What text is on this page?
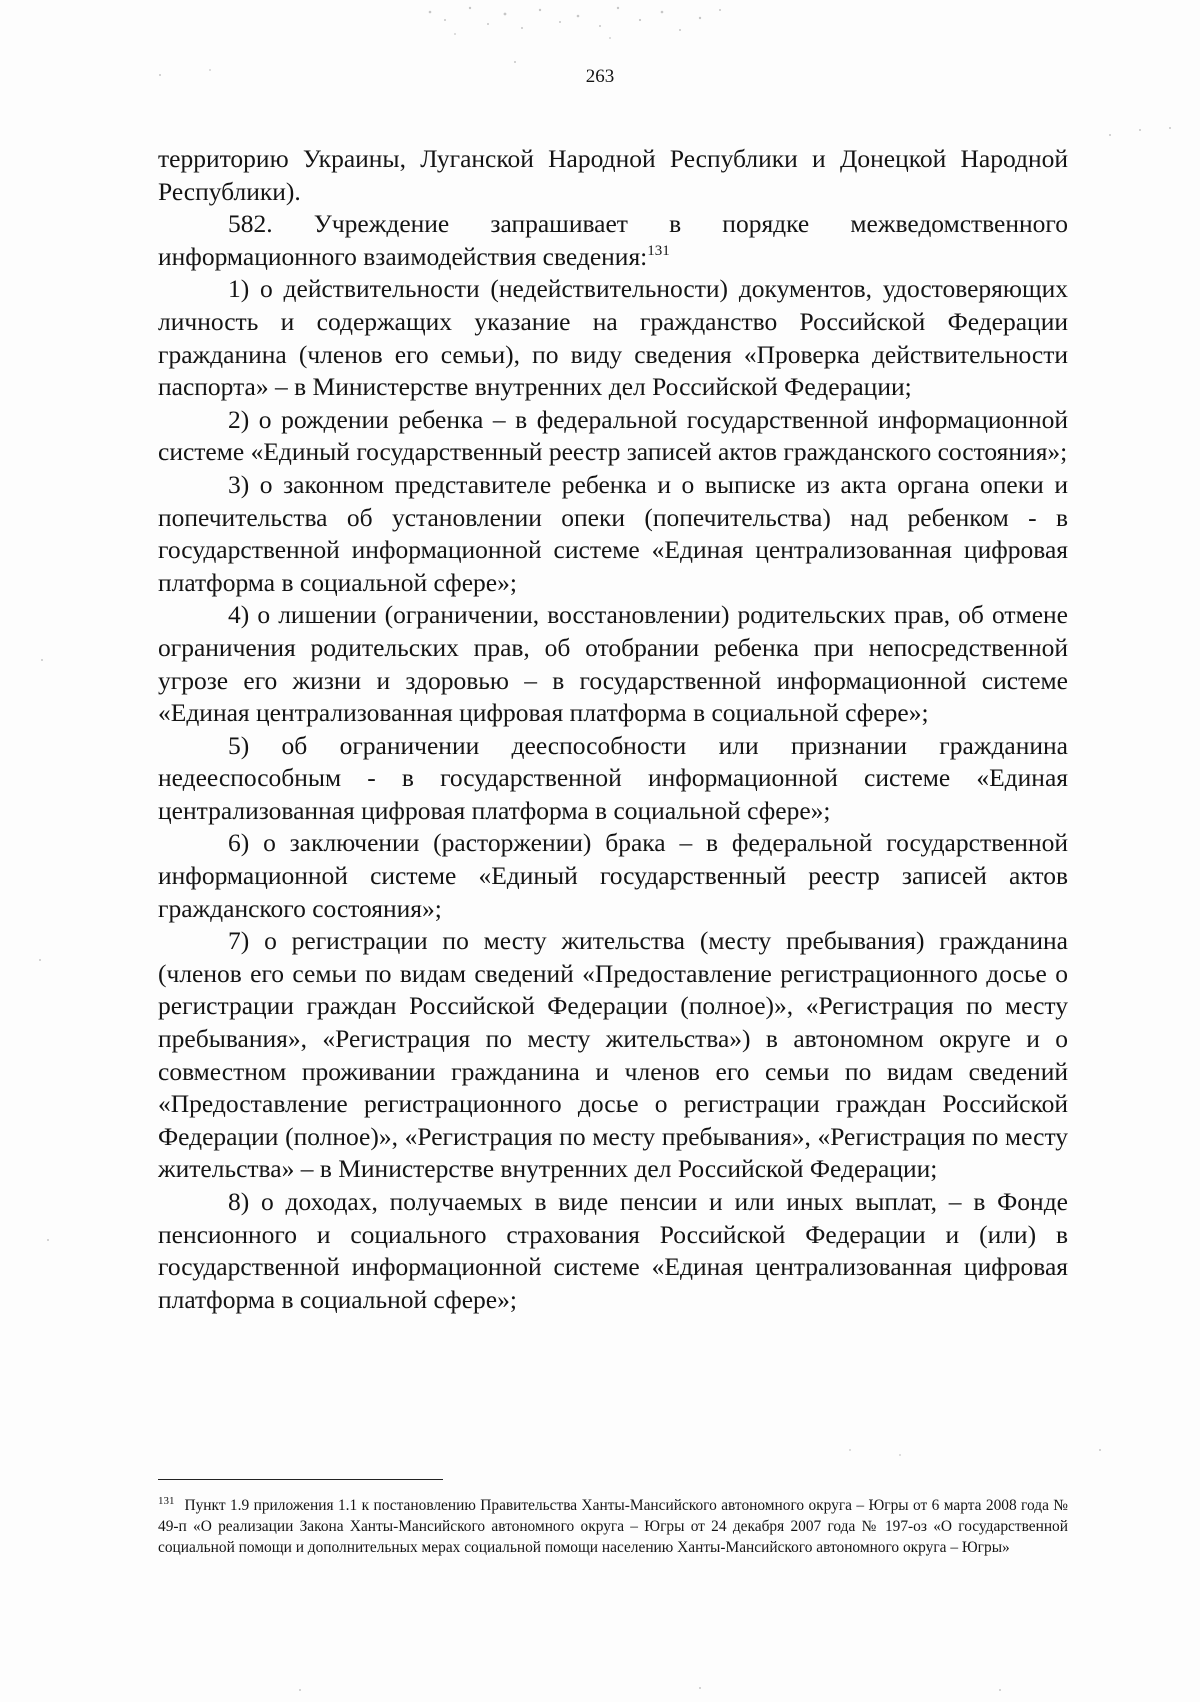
263

территорию Украины, Луганской Народной Республики и Донецкой Народной Республики).

582. Учреждение запрашивает в порядке межведомственного информационного взаимодействия сведения:$^{131}$

1) о действительности (недействительности) документов, удостоверяющих личность и содержащих указание на гражданство Российской Федерации гражданина (членов его семьи), по виду сведения «Проверка действительности паспорта» – в Министерстве внутренних дел Российской Федерации;

2) о рождении ребенка – в федеральной государственной информационной системе «Единый государственный реестр записей актов гражданского состояния»;

3) о законном представителе ребенка и о выписке из акта органа опеки и попечительства об установлении опеки (попечительства) над ребенком - в государственной информационной системе «Единая централизованная цифровая платформа в социальной сфере»;

4) о лишении (ограничении, восстановлении) родительских прав, об отмене ограничения родительских прав, об отобрании ребенка при непосредственной угрозе его жизни и здоровью – в государственной информационной системе «Единая централизованная цифровая платформа в социальной сфере»;

5) об ограничении дееспособности или признании гражданина недееспособным - в государственной информационной системе «Единая централизованная цифровая платформа в социальной сфере»;

6) о заключении (расторжении) брака – в федеральной государственной информационной системе «Единый государственный реестр записей актов гражданского состояния»;

7) о регистрации по месту жительства (месту пребывания) гражданина (членов его семьи по видам сведений «Предоставление регистрационного досье о регистрации граждан Российской Федерации (полное)», «Регистрация по месту пребывания», «Регистрация по месту жительства») в автономном округе и о совместном проживании гражданина и членов его семьи по видам сведений «Предоставление регистрационного досье о регистрации граждан Российской Федерации (полное)», «Регистрация по месту пребывания», «Регистрация по месту жительства» – в Министерстве внутренних дел Российской Федерации;

8) о доходах, получаемых в виде пенсии и или иных выплат, – в Фонде пенсионного и социального страхования Российской Федерации и (или) в государственной информационной системе «Единая централизованная цифровая платформа в социальной сфере»;

$^{131}$ Пункт 1.9 приложения 1.1 к постановлению Правительства Ханты-Мансийского автономного округа – Югры от 6 марта 2008 года № 49-п «О реализации Закона Ханты-Мансийского автономного округа – Югры от 24 декабря 2007 года № 197-оз «О государственной социальной помощи и дополнительных мерах социальной помощи населению Ханты-Мансийского автономного округа – Югры»
